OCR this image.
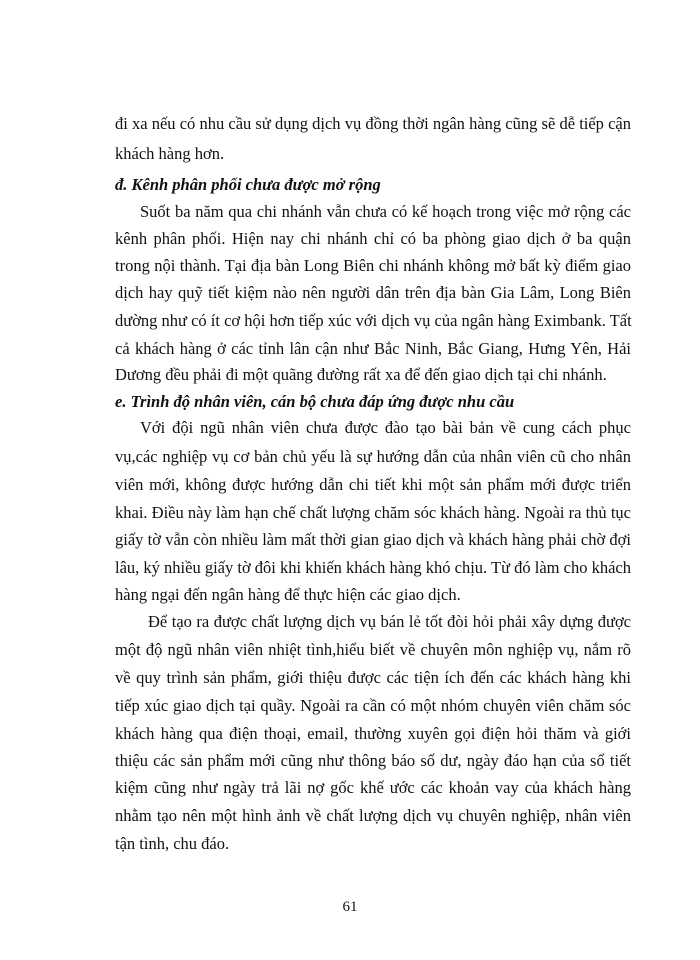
đi xa nếu có nhu cầu sử dụng dịch vụ đồng thời ngân hàng cũng sẽ dễ tiếp cận
khách hàng hơn.
đ. Kênh phân phối chưa được mở rộng
Suốt ba năm qua chi nhánh vẫn chưa có kế hoạch trong việc mở rộng các
kênh phân phối. Hiện nay chi nhánh chỉ có ba phòng giao dịch ở ba quận
trong nội thành. Tại địa bàn Long Biên chi nhánh không mở bất kỳ điểm giao
dịch hay quỹ tiết kiệm nào nên người dân trên địa bàn Gia Lâm, Long Biên
dường như có ít cơ hội hơn tiếp xúc với dịch vụ của ngân hàng Eximbank. Tất
cả khách hàng ở các tỉnh lân cận như Bắc Ninh, Bắc Giang, Hưng Yên, Hải
Dương đều phải đi một quãng đường rất xa để đến giao dịch tại chi nhánh.
e. Trình độ nhân viên, cán bộ chưa đáp ứng được nhu cầu
Với đội ngũ nhân viên chưa được đào tạo bài bản về cung cách phục
vụ,các nghiệp vụ cơ bản chủ yếu là sự hướng dẫn của nhân viên cũ cho nhân
viên mới, không được hướng dẫn chi tiết khi một sản phẩm mới được triển
khai. Điều này làm hạn chế chất lượng chăm sóc khách hàng. Ngoài ra thủ tục
giấy tờ vẫn còn nhiều làm mất thời gian giao dịch và khách hàng phải chờ đợi
lâu, ký nhiều giấy tờ đôi khi khiến khách hàng khó chịu. Từ đó làm cho khách
hàng ngại đến ngân hàng để thực hiện các giao dịch.
Để tạo ra được chất lượng dịch vụ bán lẻ tốt đòi hỏi phải xây dựng được
một độ ngũ nhân viên nhiệt tình,hiểu biết về chuyên môn nghiệp vụ, nắm rõ
về quy trình sản phẩm, giới thiệu được các tiện ích đến các khách hàng khi
tiếp xúc giao dịch tại quầy. Ngoài ra cần có một nhóm chuyên viên chăm sóc
khách hàng qua điện thoại, email, thường xuyên gọi điện hỏi thăm và giới
thiệu các sản phẩm mới cũng như thông báo số dư, ngày đáo hạn của sổ tiết
kiệm cũng như ngày trả lãi nợ gốc khế ước các khoản vay của khách hàng
nhằm tạo nên một hình ảnh về chất lượng dịch vụ chuyên nghiệp, nhân viên
tận tình, chu đáo.
61
